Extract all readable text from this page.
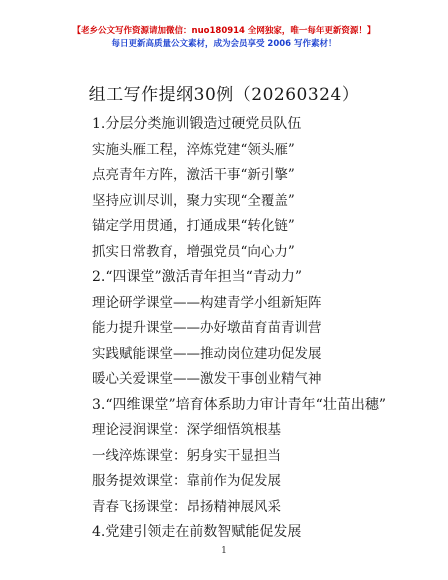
【老乡公文写作资源请加微信：nuo180914 全网独家，唯一每年更新资源！】
每日更新高质量公文素材，成为会员享受 2006 写作素材！
组工写作提纲30例（20260324）
1.分层分类施训锻造过硬党员队伍
实施头雁工程，淬炼党建“领头雁”
点亮青年方阵，激活干事“新引擎”
坚持应训尽训，聚力实现“全覆盖”
锚定学用贯通，打通成果“转化链”
抓实日常教育，增强党员“向心力”
2.“四课堂”激活青年担当“青动力”
理论研学课堂——构建青学小组新矩阵
能力提升课堂——办好墩苗育苗青训营
实践赋能课堂——推动岗位建功促发展
暖心关爱课堂——激发干事创业精气神
3.“四维课堂”培育体系助力审计青年“壮苗出穗”
理论浸润课堂：深学细悟筑根基
一线淬炼课堂：躬身实干显担当
服务提效课堂：靠前作为促发展
青春飞扬课堂：昂扬精神展风采
4.党建引领走在前数智赋能促发展
1
